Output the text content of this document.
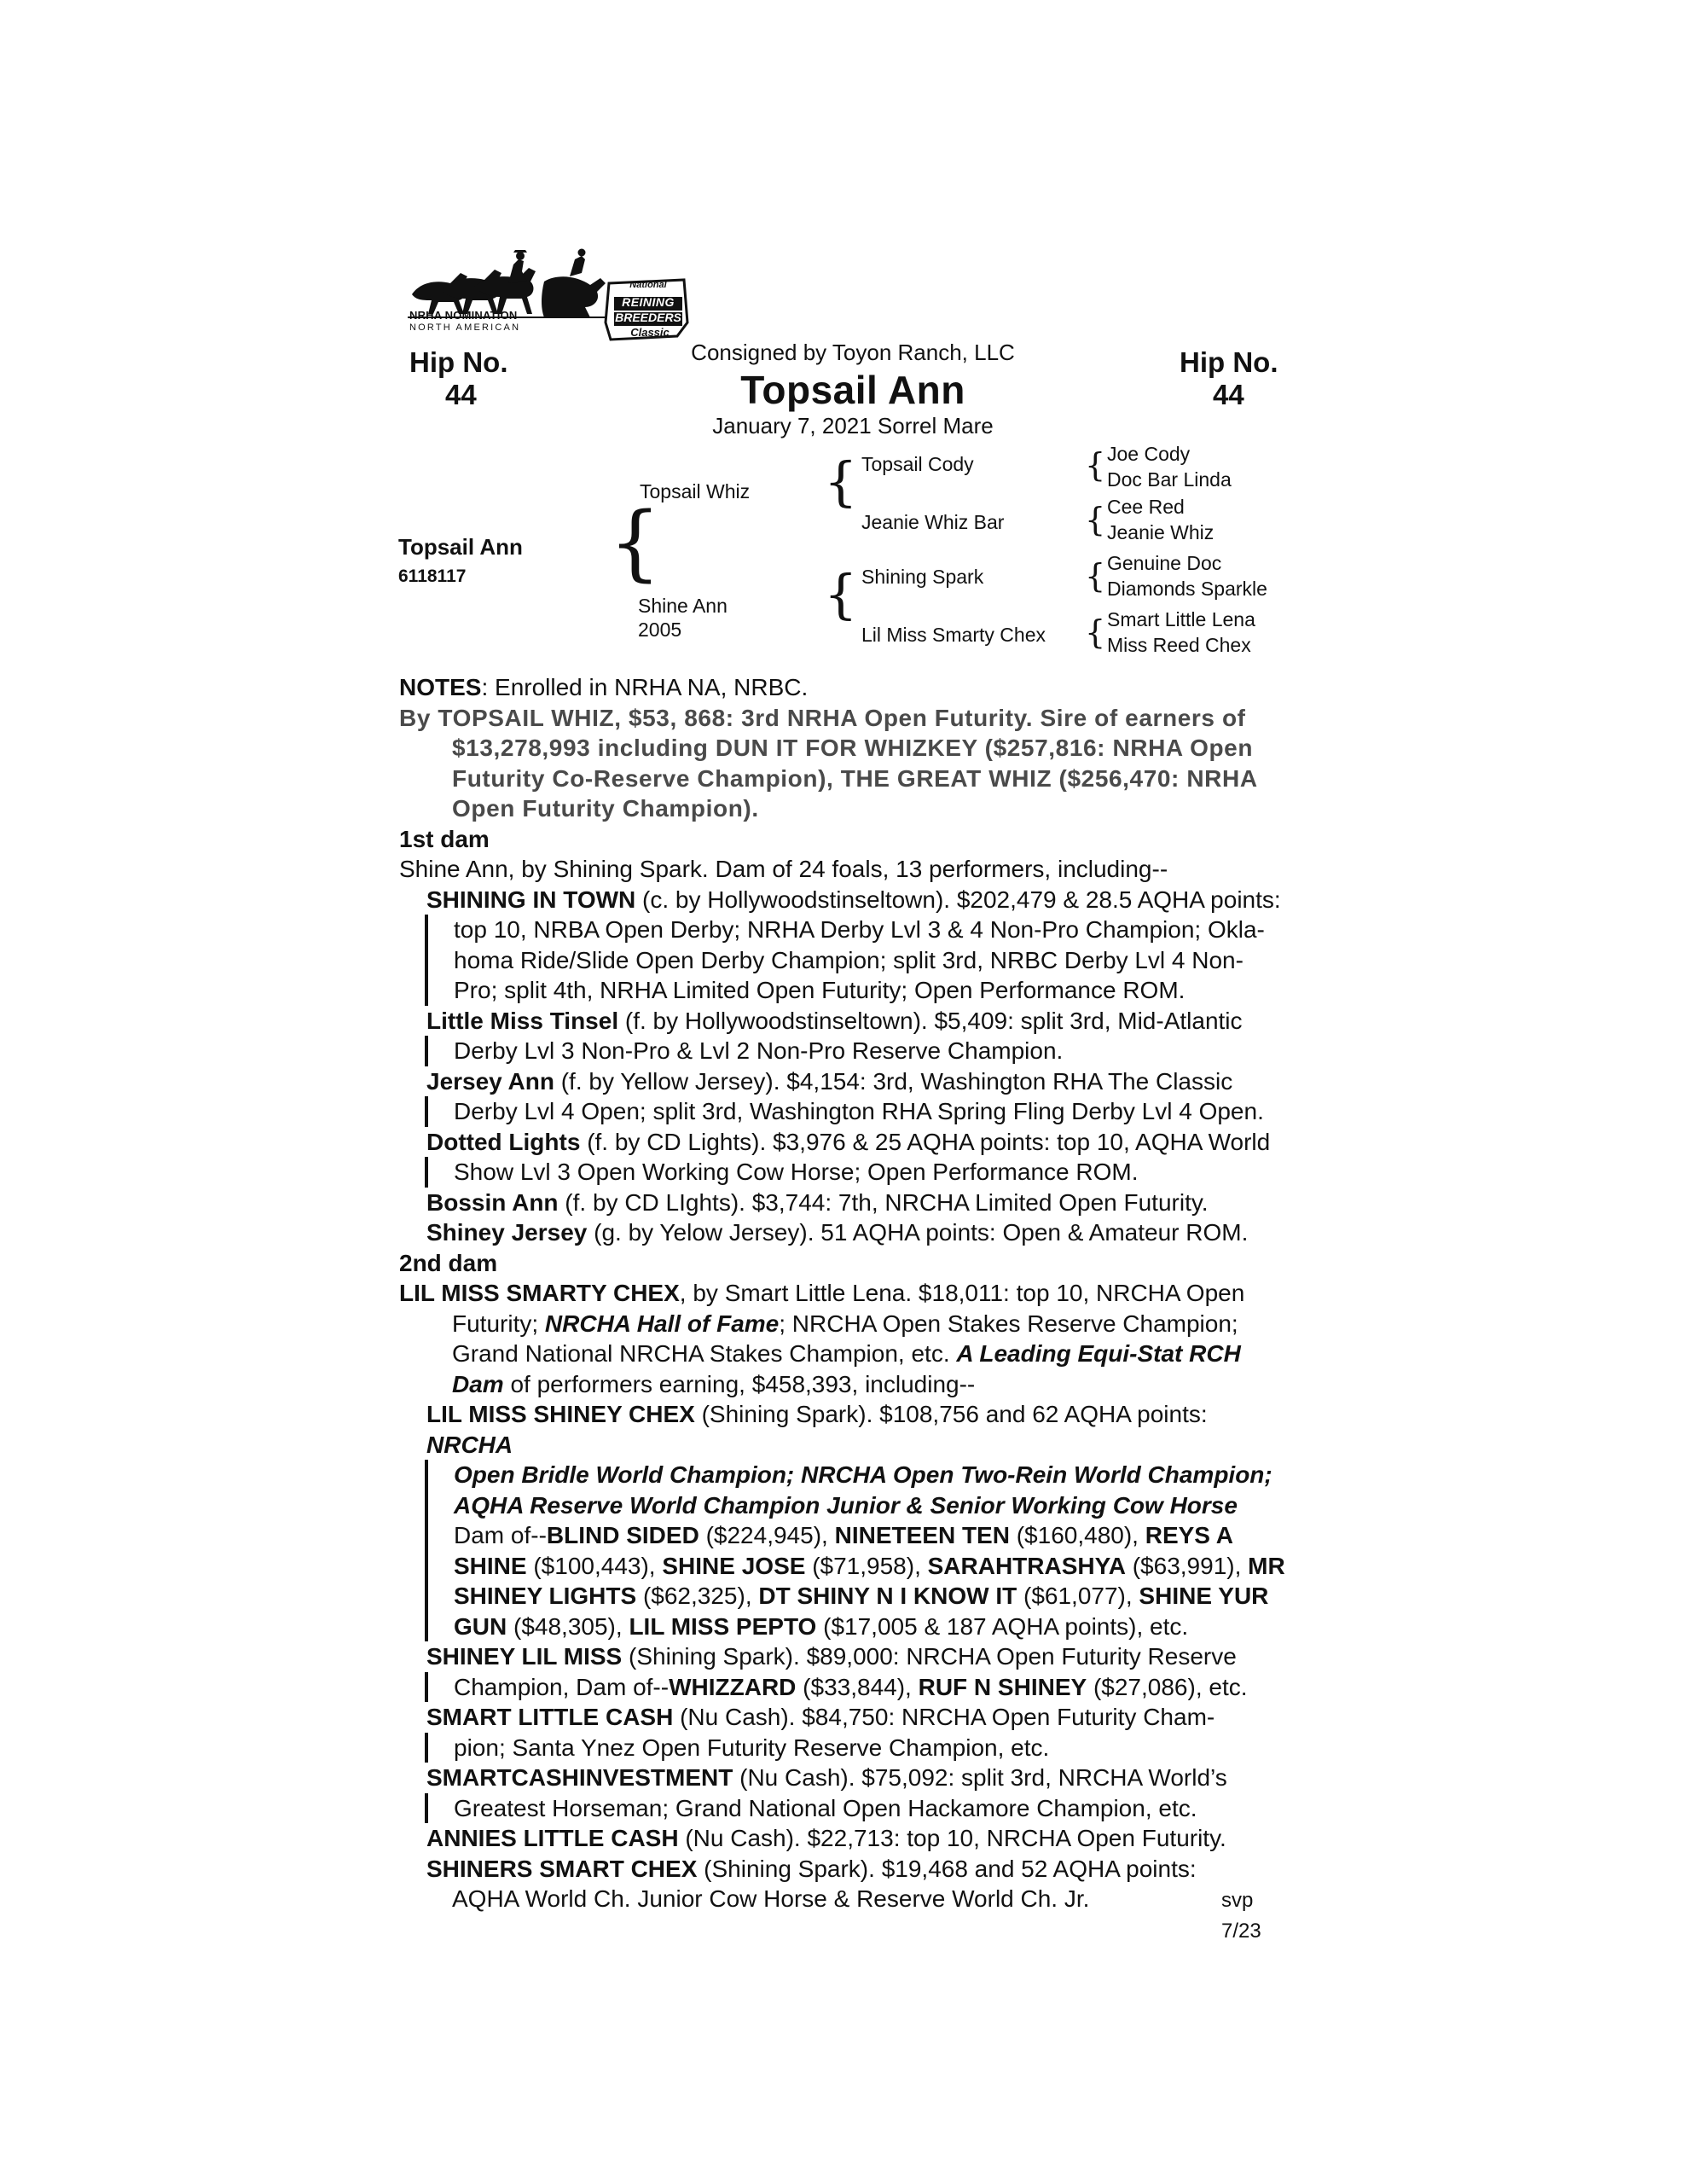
NRHA NOMINATION
NORTH AMERICAN
National
REINING
BREEDERS
Classic
Hip No.
44
Hip No.
44
Consigned by Toyon Ranch, LLC
Topsail Ann
January 7, 2021 Sorrel Mare
Topsail Ann
6118117 {
Topsail Whiz
Shine Ann
2005
{
{
Topsail Cody
Jeanie Whiz Bar
Shining Spark
Lil Miss Smarty Chex
{
{
{
{
Joe Cody
Doc Bar Linda
Cee Red
Jeanie Whiz
Genuine Doc
Diamonds Sparkle
Smart Little Lena
Miss Reed Chex

NOTES: Enrolled in NRHA NA, NRBC.

By TOPSAIL WHIZ, $53, 868: 3rd NRHA Open Futurity. Sire of earners of

$13,278,993 including DUN IT FOR WHIZKEY ($257,816: NRHA Open

Futurity Co-Reserve Champion), THE GREAT WHIZ ($256,470: NRHA

Open Futurity Champion).

1st dam

Shine Ann, by Shining Spark. Dam of 24 foals, 13 performers, including--

SHINING IN TOWN (c. by Hollywoodstinseltown). $202,479 & 28.5 AQHA points:

top 10, NRBA Open Derby; NRHA Derby Lvl 3 & 4 Non-Pro Champion; Okla-

homa Ride/Slide Open Derby Champion; split 3rd, NRBC Derby Lvl 4 Non-

Pro; split 4th, NRHA Limited Open Futurity; Open Performance ROM.

Little Miss Tinsel (f. by Hollywoodstinseltown). $5,409: split 3rd, Mid-Atlantic

Derby Lvl 3 Non-Pro & Lvl 2 Non-Pro Reserve Champion.

Jersey Ann (f. by Yellow Jersey). $4,154: 3rd, Washington RHA The Classic

Derby Lvl 4 Open; split 3rd, Washington RHA Spring Fling Derby Lvl 4 Open.

Dotted Lights (f. by CD Lights). $3,976 & 25 AQHA points: top 10, AQHA World

Show Lvl 3 Open Working Cow Horse; Open Performance ROM.

Bossin Ann (f. by CD LIghts). $3,744: 7th, NRCHA Limited Open Futurity.

Shiney Jersey (g. by Yelow Jersey). 51 AQHA points: Open & Amateur ROM.

2nd dam

LIL MISS SMARTY CHEX, by Smart Little Lena. $18,011: top 10, NRCHA Open

Futurity; NRCHA Hall of Fame; NRCHA Open Stakes Reserve Champion;

Grand National NRCHA Stakes Champion, etc. A Leading Equi-Stat RCH

Dam of performers earning, $458,393, including--

LIL MISS SHINEY CHEX (Shining Spark). $108,756 and 62 AQHA points: NRCHA

Open Bridle World Champion; NRCHA Open Two-Rein World Champion;

AQHA Reserve World Champion Junior & Senior Working Cow Horse

Dam of--BLIND SIDED ($224,945), NINETEEN TEN ($160,480), REYS A

SHINE ($100,443), SHINE JOSE ($71,958), SARAHTRASHYA ($63,991), MR

SHINEY LIGHTS ($62,325), DT SHINY N I KNOW IT ($61,077), SHINE YUR

GUN ($48,305), LIL MISS PEPTO ($17,005 & 187 AQHA points), etc.

SHINEY LIL MISS (Shining Spark). $89,000: NRCHA Open Futurity Reserve

Champion, Dam of--WHIZZARD ($33,844), RUF N SHINEY ($27,086), etc.

SMART LITTLE CASH (Nu Cash). $84,750: NRCHA Open Futurity Cham-

pion; Santa Ynez Open Futurity Reserve Champion, etc.

SMARTCASHINVESTMENT (Nu Cash). $75,092: split 3rd, NRCHA World’s

Greatest Horseman; Grand National Open Hackamore Champion, etc.

ANNIES LITTLE CASH (Nu Cash). $22,713: top 10, NRCHA Open Futurity.

SHINERS SMART CHEX (Shining Spark). $19,468 and 52 AQHA points:

AQHA World Ch. Junior Cow Horse & Reserve World Ch. Jr.	svp 7/23
